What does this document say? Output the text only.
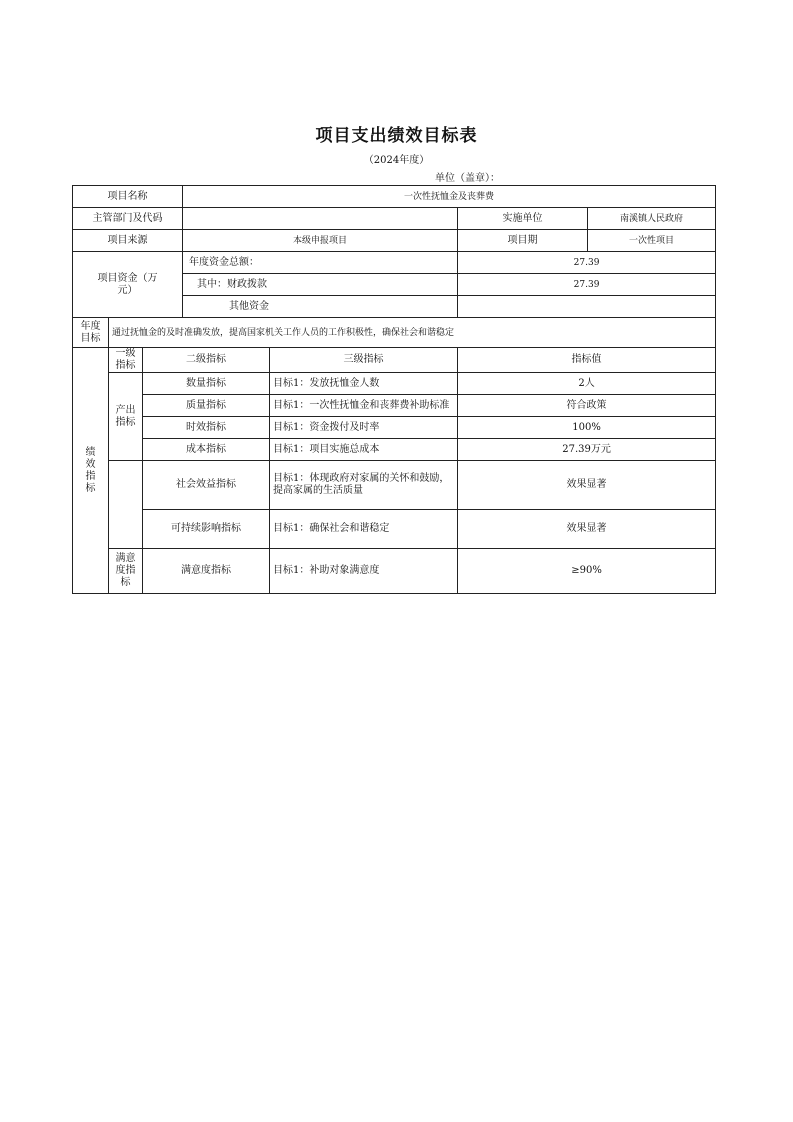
项目支出绩效目标表
（2024年度）
单位（盖章）：
项目名称			一次性抚恤金及丧葬费			
主管部门及代码					实施单位	南溪镇人民政府
项目来源			本级申报项目		项目期	一次性项目
项目资金（万元）			年度资金总额：		27.39	
			其中：财政拨款		27.39	
			其他资金			
年度目标	通过抚恤金的及时准确发放，提高国家机关工作人员的工作积极性，确保社会和谐稳定					
绩效指标	一级指标	二级指标		三级指标	指标值	
	产出指标	数量指标		目标1：发放抚恤金人数	2人	
		质量指标		目标1：一次性抚恤金和丧葬费补助标准	符合政策	
		时效指标		目标1：资金拨付及时率	100%	
		成本指标		目标1：项目实施总成本	27.39万元	
		社会效益指标		目标1：体现政府对家属的关怀和鼓励，提高家属的生活质量	效果显著	
		可持续影响指标		目标1：确保社会和谐稳定	效果显著	
	满意度指标	满意度指标		目标1：补助对象满意度	≥90%	
